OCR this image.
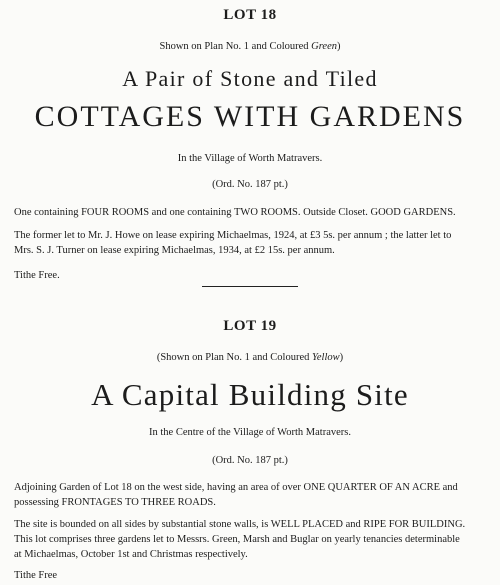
LOT 18
Shown on Plan No. 1 and Coloured Green)
A Pair of Stone and Tiled
COTTAGES WITH GARDENS
In the Village of Worth Matravers.
(Ord. No. 187 pt.)
One containing FOUR ROOMS and one containing TWO ROOMS. Outside Closet. GOOD GARDENS.
The former let to Mr. J. Howe on lease expiring Michaelmas, 1924, at £3 5s. per annum ; the latter let to
Mrs. S. J. Turner on lease expiring Michaelmas, 1934, at £2 15s. per annum.
Tithe Free.
LOT 19
(Shown on Plan No. 1 and Coloured Yellow)
A Capital Building Site
In the Centre of the Village of Worth Matravers.
(Ord. No. 187 pt.)
Adjoining Garden of Lot 18 on the west side, having an area of over ONE QUARTER OF AN ACRE and
possessing FRONTAGES TO THREE ROADS.
The site is bounded on all sides by substantial stone walls, is WELL PLACED and RIPE FOR BUILDING.
This lot comprises three gardens let to Messrs. Green, Marsh and Buglar on yearly tenancies determinable
at Michaelmas, October 1st and Christmas respectively.
Tithe Free
